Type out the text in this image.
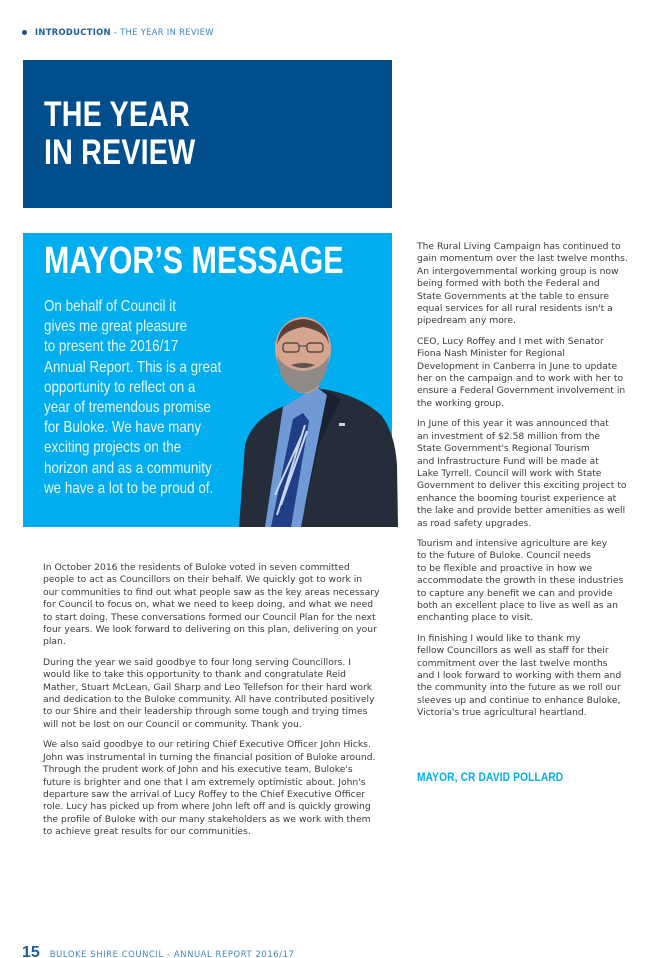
INTRODUCTION - THE YEAR IN REVIEW
THE YEAR
IN REVIEW
MAYOR’S MESSAGE
On behalf of Council it
gives me great pleasure
to present the 2016/17
Annual Report. This is a great
opportunity to reflect on a
year of tremendous promise
for Buloke. We have many
exciting projects on the
horizon and as a community
we have a lot to be proud of.
In October 2016 the residents of Buloke voted in seven committed
people to act as Councillors on their behalf. We quickly got to work in
our communities to find out what people saw as the key areas necessary
for Council to focus on, what we need to keep doing, and what we need
to start doing. These conversations formed our Council Plan for the next
four years. We look forward to delivering on this plan, delivering on your
plan.
During the year we said goodbye to four long serving Councillors. I
would like to take this opportunity to thank and congratulate Reid
Mather, Stuart McLean, Gail Sharp and Leo Tellefson for their hard work
and dedication to the Buloke community. All have contributed positively
to our Shire and their leadership through some tough and trying times
will not be lost on our Council or community. Thank you.
We also said goodbye to our retiring Chief Executive Officer John Hicks.
John was instrumental in turning the financial position of Buloke around.
Through the prudent work of John and his executive team, Buloke's
future is brighter and one that I am extremely optimistic about. John's
departure saw the arrival of Lucy Roffey to the Chief Executive Officer
role. Lucy has picked up from where John left off and is quickly growing
the profile of Buloke with our many stakeholders as we work with them
to achieve great results for our communities.
The Rural Living Campaign has continued to
gain momentum over the last twelve months.
An intergovernmental working group is now
being formed with both the Federal and
State Governments at the table to ensure
equal services for all rural residents isn't a
pipedream any more.
CEO, Lucy Roffey and I met with Senator
Fiona Nash Minister for Regional
Development in Canberra in June to update
her on the campaign and to work with her to
ensure a Federal Government involvement in
the working group.
In June of this year it was announced that
an investment of $2.58 million from the
State Government's Regional Tourism
and Infrastructure Fund will be made at
Lake Tyrrell. Council will work with State
Government to deliver this exciting project to
enhance the booming tourist experience at
the lake and provide better amenities as well
as road safety upgrades.
Tourism and intensive agriculture are key
to the future of Buloke. Council needs
to be flexible and proactive in how we
accommodate the growth in these industries
to capture any benefit we can and provide
both an excellent place to live as well as an
enchanting place to visit.
In finishing I would like to thank my
fellow Councillors as well as staff for their
commitment over the last twelve months
and I look forward to working with them and
the community into the future as we roll our
sleeves up and continue to enhance Buloke,
Victoria's true agricultural heartland.
MAYOR, CR DAVID POLLARD
15 BULOKE SHIRE COUNCIL - ANNUAL REPORT 2016/17
